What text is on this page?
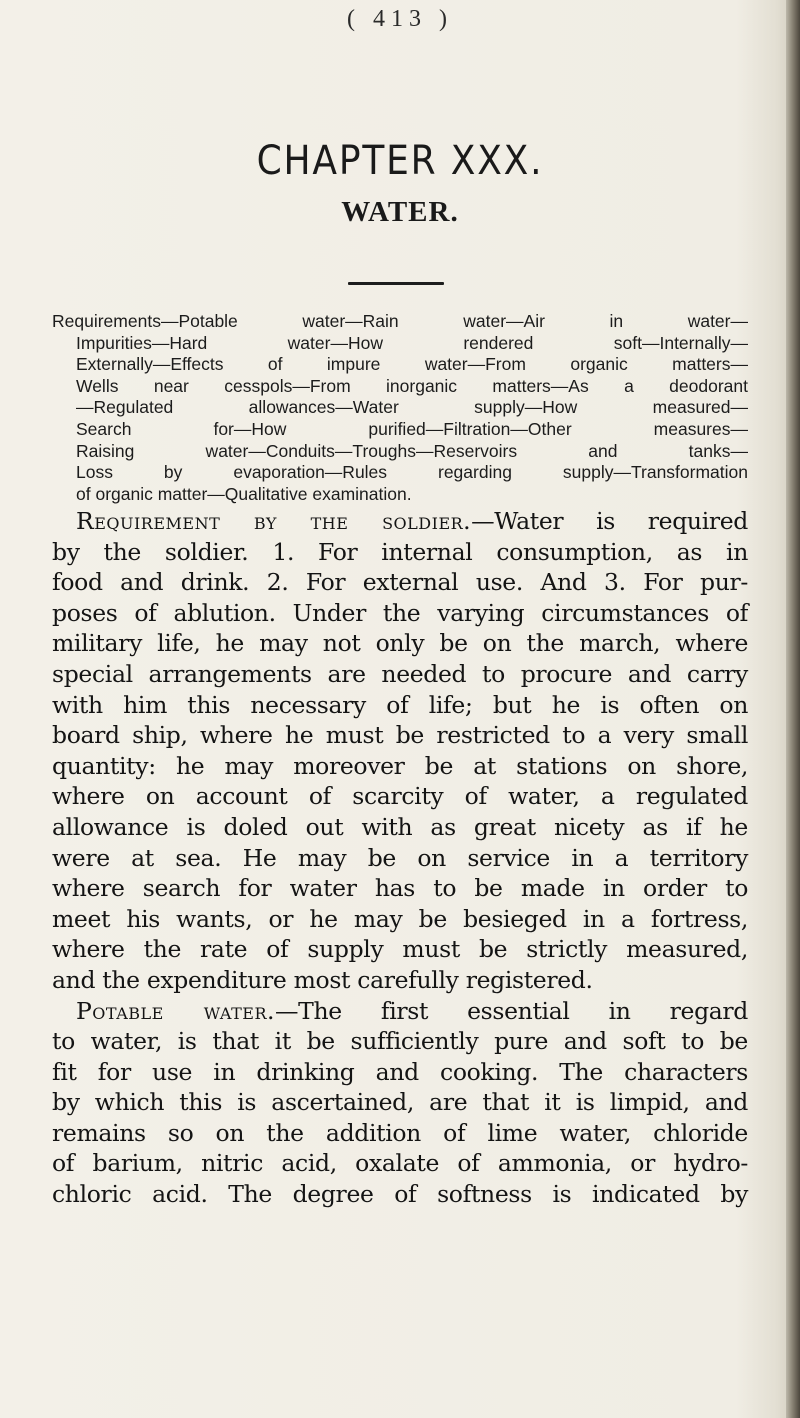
( 413 )
CHAPTER XXX.
WATER.
Requirements—Potable water—Rain water—Air in water—
Impurities—Hard water—How rendered soft—Internally—
Externally—Effects of impure water—From organic matters—
Wells near cesspols—From inorganic matters—As a deodorant
—Regulated allowances—Water supply—How measured—
Search for—How purified—Filtration—Other measures—
Raising water—Conduits—Troughs—Reservoirs and tanks—
Loss by evaporation—Rules regarding supply—Transformation
of organic matter—Qualitative examination.
Requirement by the soldier.—Water is required
by the soldier. 1. For internal consumption, as in
food and drink. 2. For external use. And 3. For pur-
poses of ablution. Under the varying circumstances of
military life, he may not only be on the march, where
special arrangements are needed to procure and carry
with him this necessary of life; but he is often on
board ship, where he must be restricted to a very small
quantity: he may moreover be at stations on shore,
where on account of scarcity of water, a regulated
allowance is doled out with as great nicety as if he
were at sea. He may be on service in a territory
where search for water has to be made in order to
meet his wants, or he may be besieged in a fortress,
where the rate of supply must be strictly measured,
and the expenditure most carefully registered.
Potable water.—The first essential in regard
to water, is that it be sufficiently pure and soft to be
fit for use in drinking and cooking. The characters
by which this is ascertained, are that it is limpid, and
remains so on the addition of lime water, chloride
of barium, nitric acid, oxalate of ammonia, or hydro-
chloric acid. The degree of softness is indicated by
